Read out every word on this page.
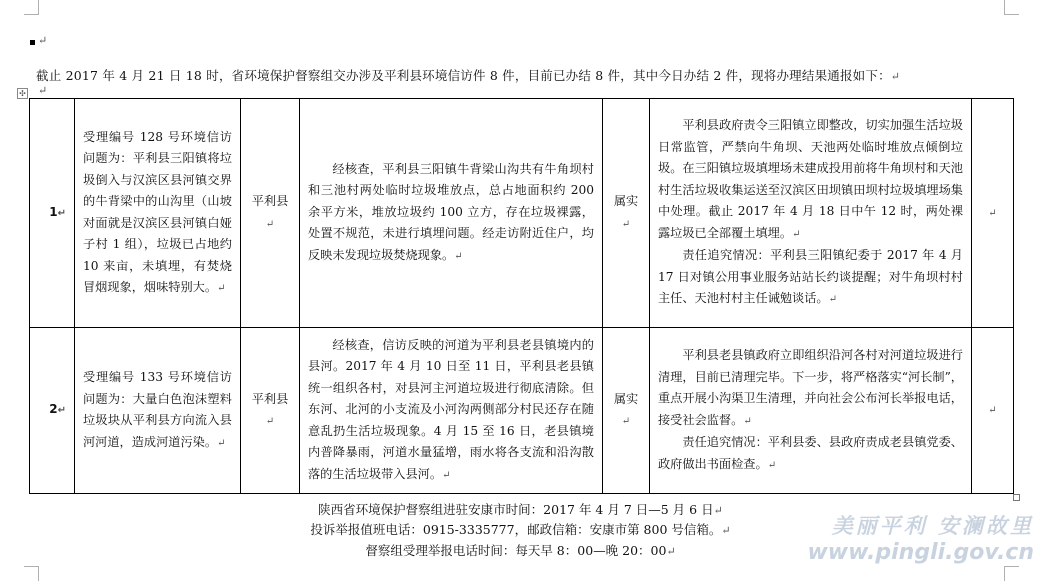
↵
截止 2017 年 4 月 21 日 18 时，省环境保护督察组交办涉及平利县环境信访件 8 件，目前已办结 8 件，其中今日办结 2 件，现将办理结果通报如下：↵
↵
✣
1↵	受理编号 128 号环境信访问题为：平利县三阳镇将垃圾倒入与汉滨区县河镇交界的牛背梁中的山沟里（山坡对面就是汉滨区县河镇白娅子村 1 组），垃圾已占地约 10 来亩，未填埋，有焚烧冒烟现象，烟味特别大。↵	平利县↵	经核查，平利县三阳镇牛背梁山沟共有牛角坝村和三池村两处临时垃圾堆放点，总占地面积约 200 余平方米，堆放垃圾约 100 立方，存在垃圾裸露，处置不规范，未进行填埋问题。经走访附近住户，均反映未发现垃圾焚烧现象。↵	属实↵	平利县政府责令三阳镇立即整改，切实加强生活垃圾日常监管，严禁向牛角坝、天池两处临时堆放点倾倒垃圾。在三阳镇垃圾填埋场未建成投用前将牛角坝村和天池村生活垃圾收集运送至汉滨区田坝镇田坝村垃圾填埋场集中处理。截止 2017 年 4 月 18 日中午 12 时，两处裸露垃圾已全部覆土填埋。↵
责任追究情况：平利县三阳镇纪委于 2017 年 4 月 17 日对镇公用事业服务站站长约谈提醒；对牛角坝村村主任、天池村村主任诫勉谈话。↵	↵
2↵	受理编号 133 号环境信访问题为：大量白色泡沫塑料垃圾块从平利县方向流入县河河道，造成河道污染。↵	平利县↵	经核查，信访反映的河道为平利县老县镇境内的县河。2017 年 4 月 10 日至 11 日，平利县老县镇统一组织各村，对县河主河道垃圾进行彻底清除。但东河、北河的小支流及小河沟两侧部分村民还存在随意乱扔生活垃圾现象。4 月 15 至 16 日，老县镇境内普降暴雨，河道水量猛增，雨水将各支流和沿沟散落的生活垃圾带入县河。↵	属实↵	平利县老县镇政府立即组织沿河各村对河道垃圾进行清理，目前已清理完毕。下一步，将严格落实“河长制”，重点开展小沟渠卫生清理，并向社会公布河长举报电话，接受社会监督。↵
责任追究情况：平利县委、县政府责成老县镇党委、政府做出书面检查。↵	↵
陕西省环境保护督察组进驻安康市时间：2017 年 4 月 7 日—5 月 6 日↵
投诉举报值班电话：0915-3335777，邮政信箱：安康市第 800 号信箱。↵
督察组受理举报电话时间：每天早 8：00—晚 20：00↵
美丽平利 安澜故里
www.pingli.gov.cn
